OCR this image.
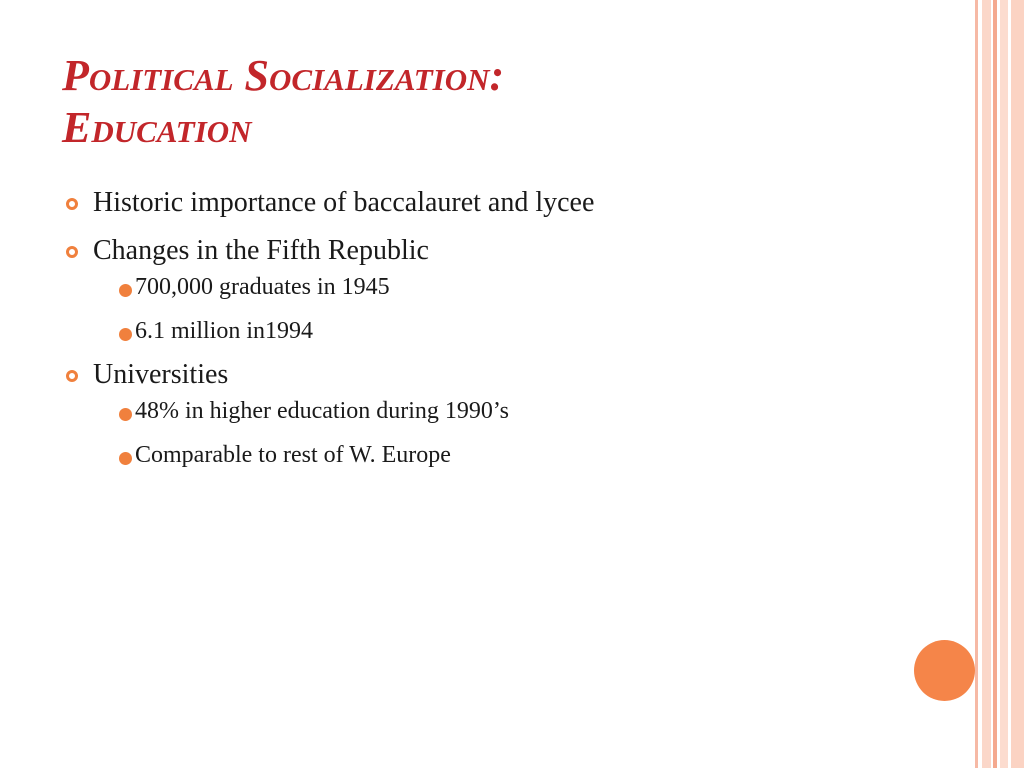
Political Socialization:
Education
Historic importance of baccalauret and lycee
Changes in the Fifth Republic
700,000 graduates in 1945
6.1 million in1994
Universities
48% in higher education during 1990’s
Comparable to rest of W. Europe
